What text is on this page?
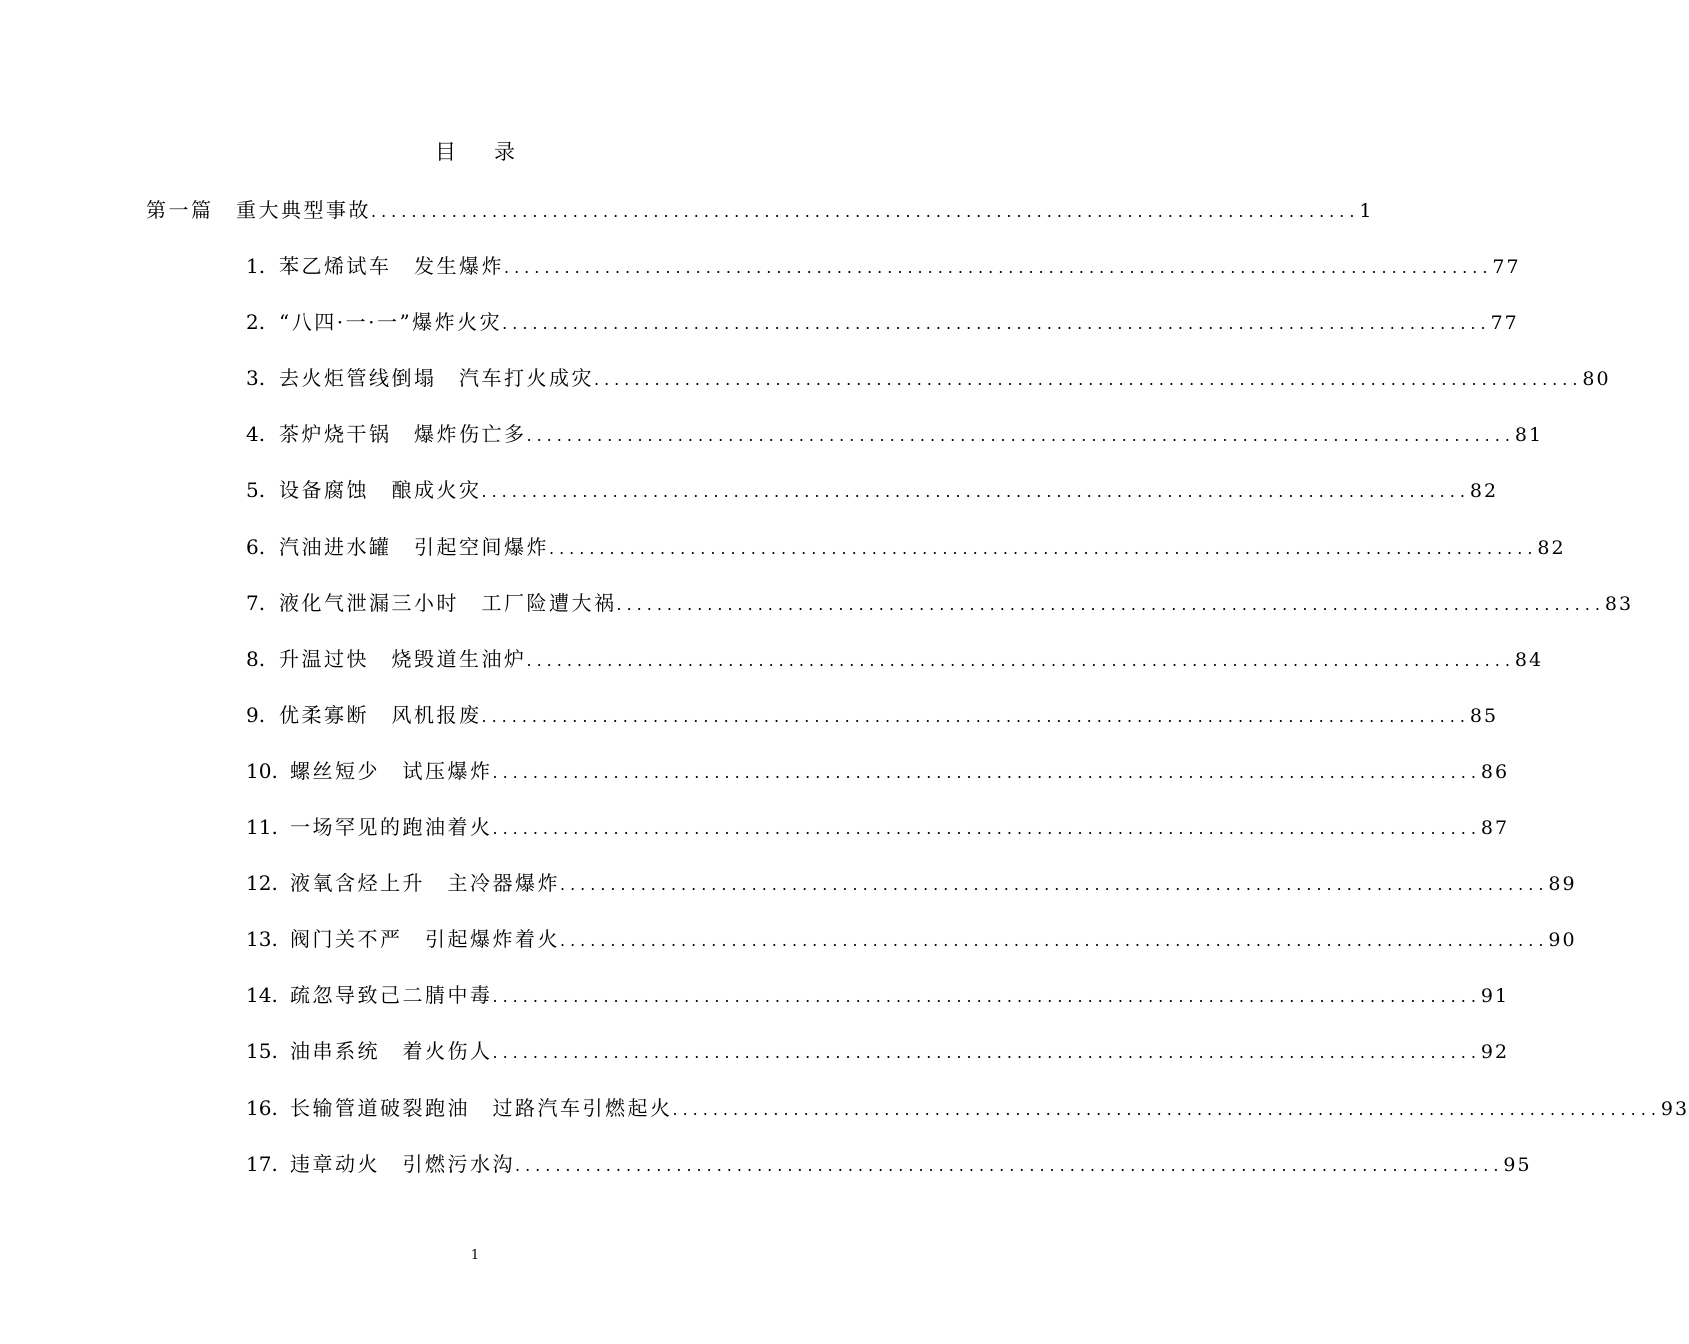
目 录
第一篇　重大典型事故 .................................................................................................. 1
1. 苯乙烯试车　发生爆炸 .................................................................................................. 77
2. “八四·一·一”爆炸火灾 .................................................................................................. 77
3. 去火炬管线倒塌　汽车打火成灾 .................................................................................................. 80
4. 茶炉烧干锅　爆炸伤亡多 .................................................................................................. 81
5. 设备腐蚀　酿成火灾 .................................................................................................. 82
6. 汽油进水罐　引起空间爆炸 .................................................................................................. 82
7. 液化气泄漏三小时　工厂险遭大祸 .................................................................................................. 83
8. 升温过快　烧毁道生油炉 .................................................................................................. 84
9. 优柔寡断　风机报废 .................................................................................................. 85
10. 螺丝短少　试压爆炸 .................................................................................................. 86
11. 一场罕见的跑油着火 .................................................................................................. 87
12. 液氧含烃上升　主冷器爆炸 .................................................................................................. 89
13. 阀门关不严　引起爆炸着火 .................................................................................................. 90
14. 疏忽导致己二腈中毒 .................................................................................................. 91
15. 油串系统　着火伤人 .................................................................................................. 92
16. 长输管道破裂跑油　过路汽车引燃起火 .................................................................................................. 93
17. 违章动火　引燃污水沟 .................................................................................................. 95
1
